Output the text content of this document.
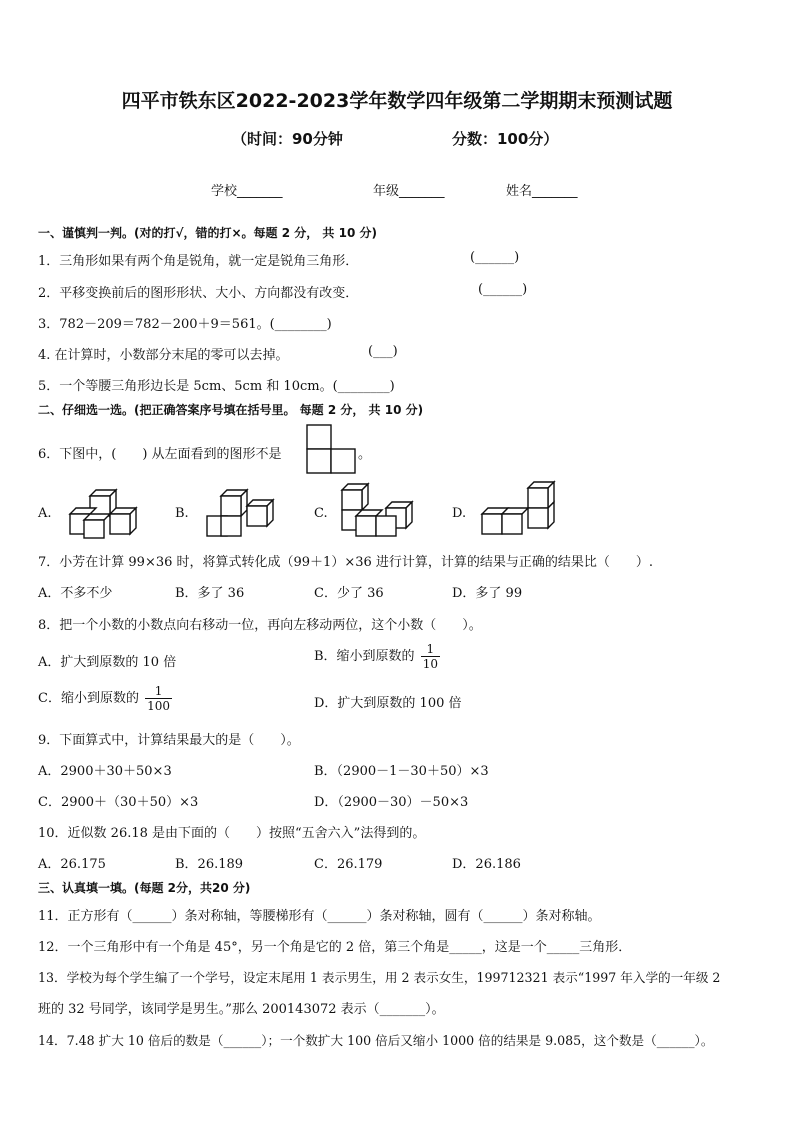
四平市铁东区2022-2023学年数学四年级第二学期期末预测试题
（时间：90分钟	分数：100分）
学校_______	年级_______	姓名_______
一、谨慎判一判。(对的打√，错的打×。每题 2 分， 共 10 分)
1．三角形如果有两个角是锐角，就一定是锐角三角形．	(______)
2．平移变换前后的图形形状、大小、方向都没有改变．	(______)
3．782－209＝782－200＋9＝561。(________)
4. 在计算时，小数部分末尾的零可以去掉。	(___)
5．一个等腰三角形边长是 5cm、5cm 和 10cm。(________)
二、仔细选一选。(把正确答案序号填在括号里。 每题 2 分， 共 10 分)
6．下图中，(　　) 从左面看到的图形不是	。
A.	B.	C.	D.
7．小芳在计算 99×36 时，将算式转化成（99＋1）×36 进行计算，计算的结果与正确的结果比（　　）.
A．不多不少	B．多了 36	C．少了 36	D．多了 99
8．把一个小数的小数点向右移动一位，再向左移动两位，这个小数（　　）。
A．扩大到原数的 10 倍	B．缩小到原数的 $\frac{1}{10}$
C．缩小到原数的 $\frac{1}{100}$	D．扩大到原数的 100 倍
9．下面算式中，计算结果最大的是（　　）。
A．2900＋30＋50×3	B．（2900－1－30＋50）×3
C．2900＋（30＋50）×3	D．（2900－30）－50×3
10．近似数 26.18 是由下面的（　　）按照“五舍六入”法得到的。
A．26.175	B．26.189	C．26.179	D．26.186
三、认真填一填。(每题 2分，共20 分)
11．正方形有（______）条对称轴，等腰梯形有（______）条对称轴，圆有（______）条对称轴。
12．一个三角形中有一个角是 45°，另一个角是它的 2 倍，第三个角是_____，这是一个_____三角形．
13．学校为每个学生编了一个学号，设定末尾用 1 表示男生，用 2 表示女生，199712321 表示“1997 年入学的一年级 2
班的 32 号同学，该同学是男生。”那么 200143072 表示（_______）。
14．7.48 扩大 10 倍后的数是（______）；一个数扩大 100 倍后又缩小 1000 倍的结果是 9.085，这个数是（______）。
